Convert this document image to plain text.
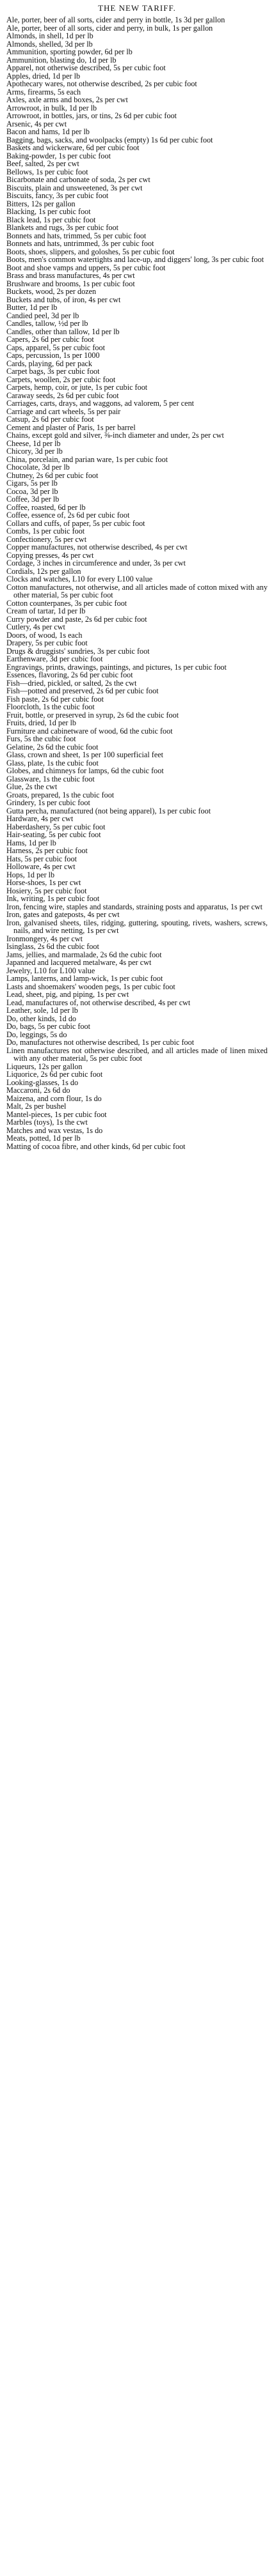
THE NEW TARIFF.
Ale, porter, beer of all sorts, cider and perry in bottle, 1s 3d per gallon
Ale, porter, beer of all sorts, cider and perry, in bulk, 1s per gallon
Almonds, in shell, 1d per lb
Almonds, shelled, 3d per lb
Ammunition, sporting powder, 6d per lb
Ammunition, blasting do, 1d per lb
Apparel, not otherwise described, 5s per cubic foot
Apples, dried, 1d per lb
Apothecary wares, not otherwise described, 2s per cubic foot
Arms, firearms, 5s each
Axles, axle arms and boxes, 2s per cwt
Arrowroot, in bulk, 1d per lb
Arrowroot, in bottles, jars, or tins, 2s 6d per cubic foot
Arsenic, 4s per cwt
Bacon and hams, 1d per lb
Bagging, bags, sacks, and woolpacks (empty) 1s 6d per cubic foot
Baskets and wickerware, 6d per cubic foot
Baking-powder, 1s per cubic foot
Beef, salted, 2s per cwt
Bellows, 1s per cubic foot
Bicarbonate and carbonate of soda, 2s per cwt
Biscuits, plain and unsweetened, 3s per cwt
Biscuits, fancy, 3s per cubic foot
Bitters, 12s per gallon
Blacking, 1s per cubic foot
Black lead, 1s per cubic foot
Blankets and rugs, 3s per cubic foot
Bonnets and hats, trimmed, 5s per cubic foot
Bonnets and hats, untrimmed, 3s per cubic foot
Boots, shoes, slippers, and goloshes, 5s per cubic foot
Boots, men's common watertights and lace-up, and diggers' long, 3s per cubic foot
Boot and shoe vamps and uppers, 5s per cubic foot
Brass and brass manufactures, 4s per cwt
Brushware and brooms, 1s per cubic foot
Buckets, wood, 2s per dozen
Buckets and tubs, of iron, 4s per cwt
Butter, 1d per lb
Candied peel, 3d per lb
Candles, tallow, ½d per lb
Candles, other than tallow, 1d per lb
Capers, 2s 6d per cubic foot
Caps, apparel, 5s per cubic foot
Caps, percussion, 1s per 1000
Cards, playing, 6d per pack
Carpet bags, 3s per cubic foot
Carpets, woollen, 2s per cubic foot
Carpets, hemp, coir, or jute, 1s per cubic foot
Caraway seeds, 2s 6d per cubic foot
Carriages, carts, drays, and waggons, ad valorem, 5 per cent
Carriage and cart wheels, 5s per pair
Catsup, 2s 6d per cubic foot
Cement and plaster of Paris, 1s per barrel
Chains, except gold and silver, ⅜-inch diameter and under, 2s per cwt
Cheese, 1d per lb
Chicory, 3d per lb
China, porcelain, and parian ware, 1s per cubic foot
Chocolate, 3d per lb
Chutney, 2s 6d per cubic foot
Cigars, 5s per lb
Cocoa, 3d per lb
Coffee, 3d per lb
Coffee, roasted, 6d per lb
Coffee, essence of, 2s 6d per cubic foot
Collars and cuffs, of paper, 5s per cubic foot
Combs, 1s per cubic foot
Confectionery, 5s per cwt
Copper manufactures, not otherwise described, 4s per cwt
Copying presses, 4s per cwt
Cordage, 3 inches in circumference and under, 3s per cwt
Cordials, 12s per gallon
Clocks and watches, L10 for every L100 value
Cotton manufactures, not otherwise, and all articles made of cotton mixed with any other material, 5s per cubic foot
Cotton counterpanes, 3s per cubic foot
Cream of tartar, 1d per lb
Curry powder and paste, 2s 6d per cubic foot
Cutlery, 4s per cwt
Doors, of wood, 1s each
Drapery, 5s per cubic foot
Drugs & druggists' sundries, 3s per cubic foot
Earthenware, 3d per cubic foot
Engravings, prints, drawings, paintings, and pictures, 1s per cubic foot
Essences, flavoring, 2s 6d per cubic foot
Fish—dried, pickled, or salted, 2s the cwt
Fish—potted and preserved, 2s 6d per cubic foot
Fish paste, 2s 6d per cubic foot
Floorcloth, 1s the cubic foot
Fruit, bottle, or preserved in syrup, 2s 6d the cubic foot
Fruits, dried, 1d per lb
Furniture and cabinetware of wood, 6d the cubic foot
Furs, 5s the cubic foot
Gelatine, 2s 6d the cubic foot
Glass, crown and sheet, 1s per 100 superficial feet
Glass, plate, 1s the cubic foot
Globes, and chimneys for lamps, 6d the cubic foot
Glassware, 1s the cubic foot
Glue, 2s the cwt
Groats, prepared, 1s the cubic foot
Grindery, 1s per cubic foot
Gutta percha, manufactured (not being apparel), 1s per cubic foot
Hardware, 4s per cwt
Haberdashery, 5s per cubic foot
Hair-seating, 5s per cubic foot
Hams, 1d per lb
Harness, 2s per cubic foot
Hats, 5s per cubic foot
Holloware, 4s per cwt
Hops, 1d per lb
Horse-shoes, 1s per cwt
Hosiery, 5s per cubic foot
Ink, writing, 1s per cubic foot
Iron, fencing wire, staples and standards, straining posts and apparatus, 1s per cwt
Iron, gates and gateposts, 4s per cwt
Iron, galvanised sheets, tiles, ridging, guttering, spouting, rivets, washers, screws, nails, and wire netting, 1s per cwt
Ironmongery, 4s per cwt
Isinglass, 2s 6d the cubic foot
Jams, jellies, and marmalade, 2s 6d the cubic foot
Japanned and lacquered metalware, 4s per cwt
Jewelry, L10 for L100 value
Lamps, lanterns, and lamp-wick, 1s per cubic foot
Lasts and shoemakers' wooden pegs, 1s per cubic foot
Lead, sheet, pig, and piping, 1s per cwt
Lead, manufactures of, not otherwise described, 4s per cwt
Leather, sole, 1d per lb
Do, other kinds, 1d do
Do, bags, 5s per cubic foot
Do, leggings, 5s do
Do, manufactures not otherwise described, 1s per cubic foot
Linen manufactures not otherwise described, and all articles made of linen mixed with any other material, 5s per cubic foot
Liqueurs, 12s per gallon
Liquorice, 2s 6d per cubic foot
Looking-glasses, 1s do
Maccaroni, 2s 6d do
Maizena, and corn flour, 1s do
Malt, 2s per bushel
Mantel-pieces, 1s per cubic foot
Marbles (toys), 1s the cwt
Matches and wax vestas, 1s do
Meats, potted, 1d per lb
Matting of cocoa fibre, and other kinds, 6d per cubic foot
